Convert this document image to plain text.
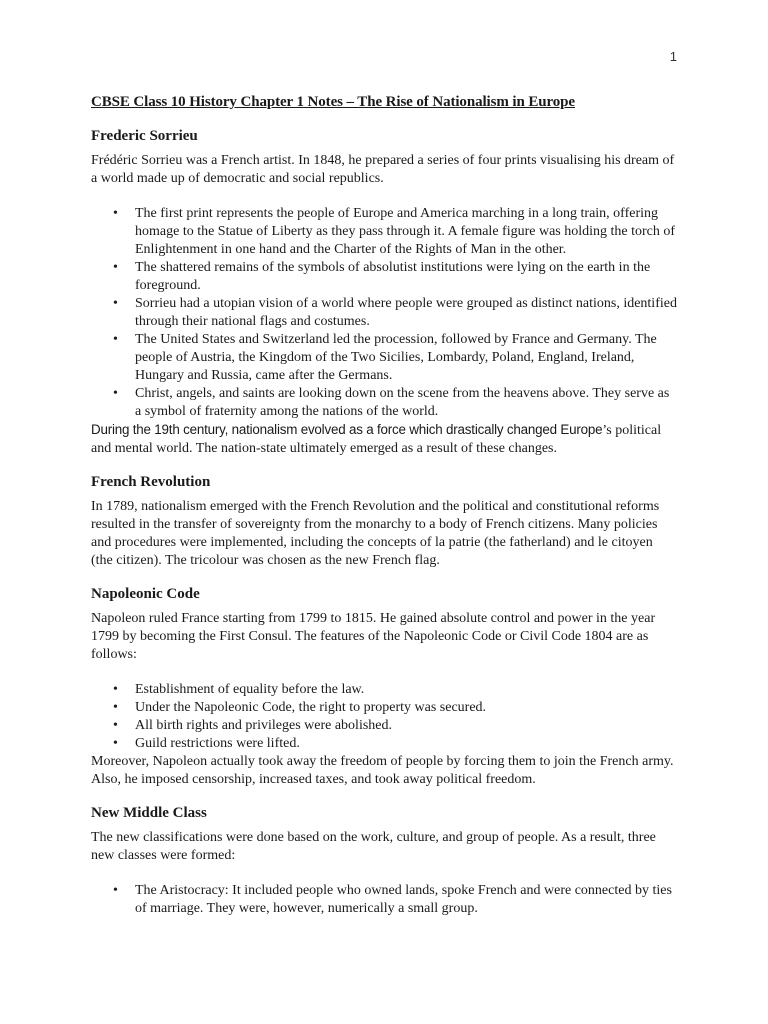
1
CBSE Class 10 History Chapter 1 Notes – The Rise of Nationalism in Europe
Frederic Sorrieu

Frédéric Sorrieu was a French artist. In 1848, he prepared a series of four prints visualising his dream of a world made up of democratic and social republics.

• The first print represents the people of Europe and America marching in a long train, offering homage to the Statue of Liberty as they pass through it. A female figure was holding the torch of Enlightenment in one hand and the Charter of the Rights of Man in the other.
• The shattered remains of the symbols of absolutist institutions were lying on the earth in the foreground.
• Sorrieu had a utopian vision of a world where people were grouped as distinct nations, identified through their national flags and costumes.
• The United States and Switzerland led the procession, followed by France and Germany. The people of Austria, the Kingdom of the Two Sicilies, Lombardy, Poland, England, Ireland, Hungary and Russia, came after the Germans.
• Christ, angels, and saints are looking down on the scene from the heavens above. They serve as a symbol of fraternity among the nations of the world.

During the 19th century, nationalism evolved as a force which drastically changed Europe’s political and mental world. The nation-state ultimately emerged as a result of these changes.

French Revolution

In 1789, nationalism emerged with the French Revolution and the political and constitutional reforms resulted in the transfer of sovereignty from the monarchy to a body of French citizens. Many policies and procedures were implemented, including the concepts of la patrie (the fatherland) and le citoyen (the citizen). The tricolour was chosen as the new French flag.

Napoleonic Code

Napoleon ruled France starting from 1799 to 1815. He gained absolute control and power in the year 1799 by becoming the First Consul. The features of the Napoleonic Code or Civil Code 1804 are as follows:

• Establishment of equality before the law.
• Under the Napoleonic Code, the right to property was secured.
• All birth rights and privileges were abolished.
• Guild restrictions were lifted.

Moreover, Napoleon actually took away the freedom of people by forcing them to join the French army. Also, he imposed censorship, increased taxes, and took away political freedom.

New Middle Class

The new classifications were done based on the work, culture, and group of people. As a result, three new classes were formed:

• The Aristocracy: It included people who owned lands, spoke French and were connected by ties of marriage. They were, however, numerically a small group.
